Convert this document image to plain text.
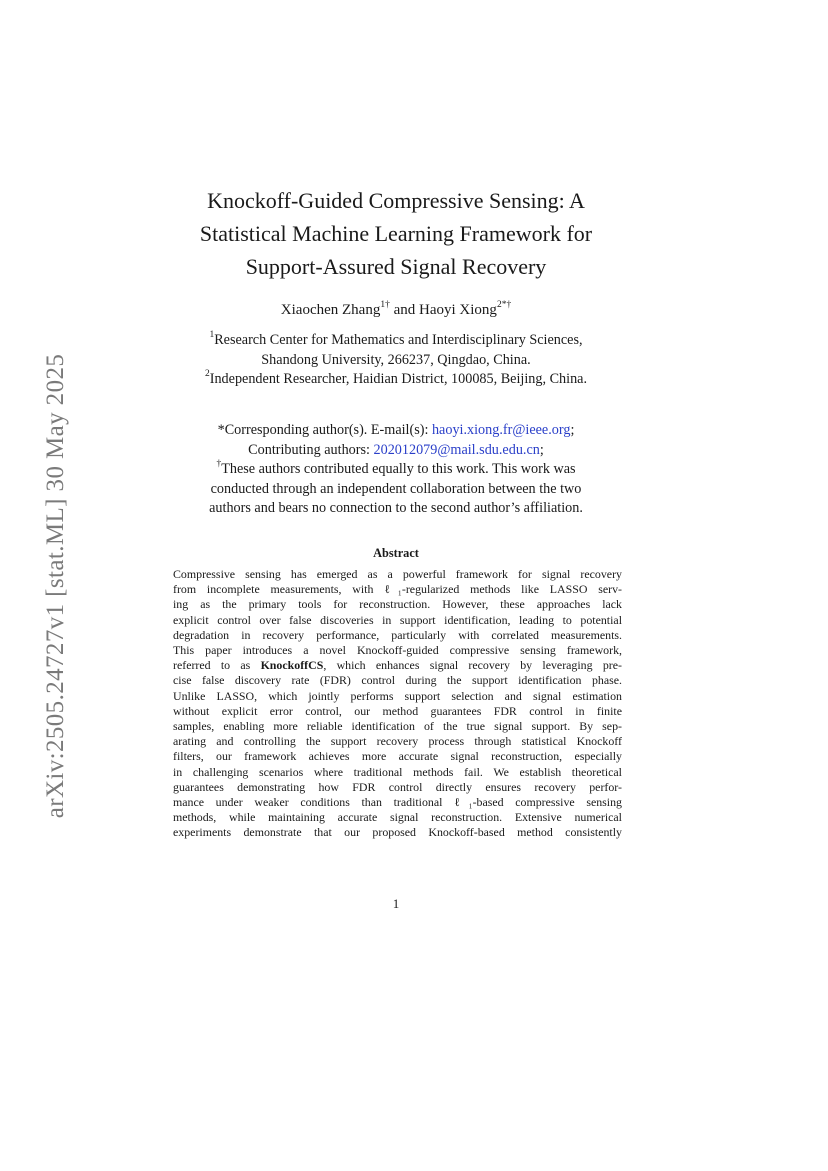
arXiv:2505.24727v1 [stat.ML] 30 May 2025
Knockoff-Guided Compressive Sensing: A
Statistical Machine Learning Framework for
Support-Assured Signal Recovery
Xiaochen Zhang$^{1\dagger}$ and Haoyi Xiong$^{2*\dagger}$
$^1$Research Center for Mathematics and Interdisciplinary Sciences,
Shandong University, 266237, Qingdao, China.
$^2$Independent Researcher, Haidian District, 100085, Beijing, China.
*Corresponding author(s). E-mail(s): haoyi.xiong.fr@ieee.org;
Contributing authors: 202012079@mail.sdu.edu.cn;
†These authors contributed equally to this work. This work was
conducted through an independent collaboration between the two
authors and bears no connection to the second author’s affiliation.
Abstract
Compressive sensing has emerged as a powerful framework for signal recovery
from incomplete measurements, with ℓ₁-regularized methods like LASSO serv-
ing as the primary tools for reconstruction. However, these approaches lack
explicit control over false discoveries in support identification, leading to potential
degradation in recovery performance, particularly with correlated measurements.
This paper introduces a novel Knockoff-guided compressive sensing framework,
referred to as KnockoffCS, which enhances signal recovery by leveraging pre-
cise false discovery rate (FDR) control during the support identification phase.
Unlike LASSO, which jointly performs support selection and signal estimation
without explicit error control, our method guarantees FDR control in finite
samples, enabling more reliable identification of the true signal support. By sep-
arating and controlling the support recovery process through statistical Knockoff
filters, our framework achieves more accurate signal reconstruction, especially
in challenging scenarios where traditional methods fail. We establish theoretical
guarantees demonstrating how FDR control directly ensures recovery perfor-
mance under weaker conditions than traditional ℓ₁-based compressive sensing
methods, while maintaining accurate signal reconstruction. Extensive numerical
experiments demonstrate that our proposed Knockoff-based method consistently
1
